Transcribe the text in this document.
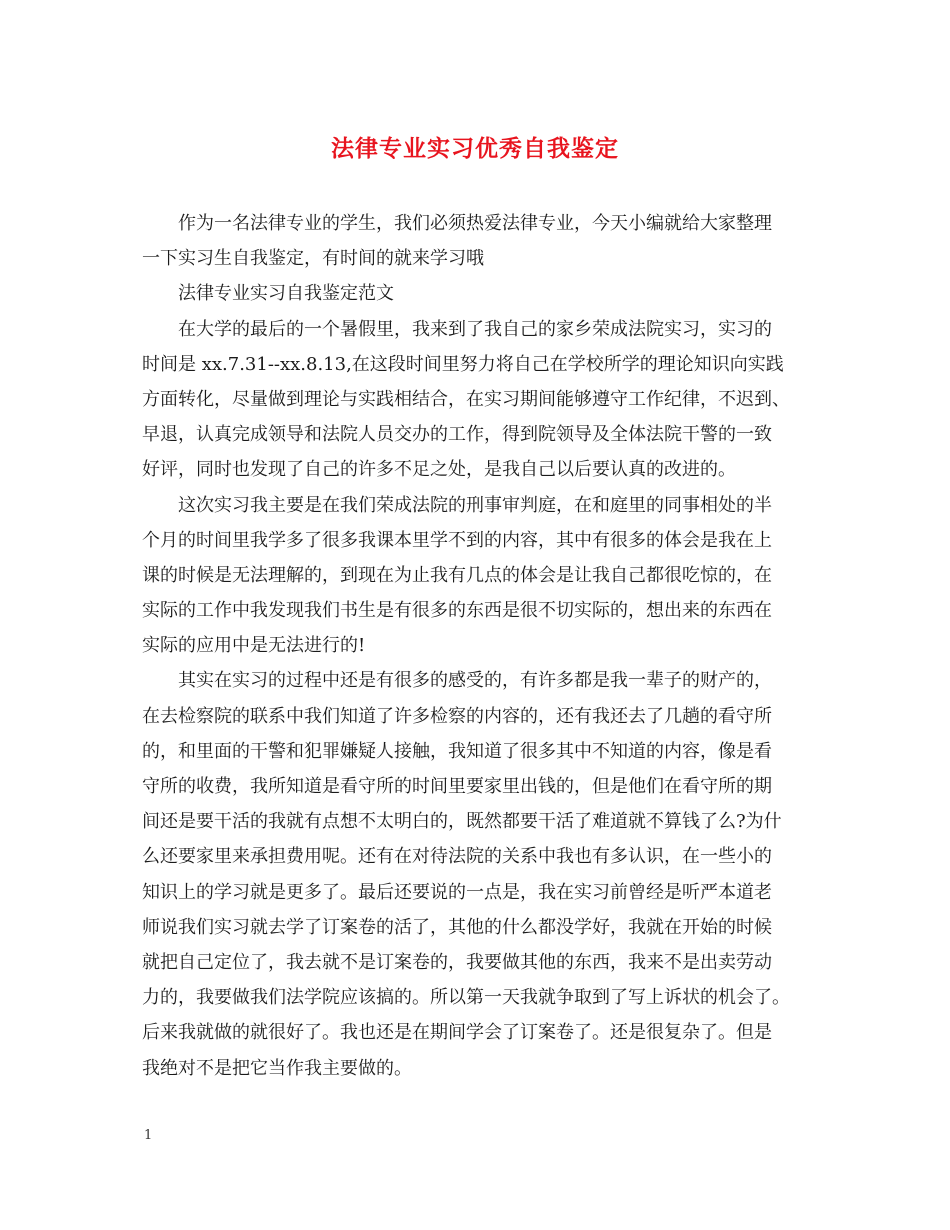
法律专业实习优秀自我鉴定

作为一名法律专业的学生，我们必须热爱法律专业，今天小编就给大家整理

一下实习生自我鉴定，有时间的就来学习哦

法律专业实习自我鉴定范文

在大学的最后的一个暑假里，我来到了我自己的家乡荣成法院实习，实习的

时间是 xx.7.31--xx.8.13,在这段时间里努力将自己在学校所学的理论知识向实践

方面转化，尽量做到理论与实践相结合，在实习期间能够遵守工作纪律，不迟到、

早退，认真完成领导和法院人员交办的工作，得到院领导及全体法院干警的一致

好评，同时也发现了自己的许多不足之处，是我自己以后要认真的改进的。

这次实习我主要是在我们荣成法院的刑事审判庭，在和庭里的同事相处的半

个月的时间里我学多了很多我课本里学不到的内容，其中有很多的体会是我在上

课的时候是无法理解的，到现在为止我有几点的体会是让我自己都很吃惊的，在

实际的工作中我发现我们书生是有很多的东西是很不切实际的，想出来的东西在

实际的应用中是无法进行的!

其实在实习的过程中还是有很多的感受的，有许多都是我一辈子的财产的，

在去检察院的联系中我们知道了许多检察的内容的，还有我还去了几趟的看守所

的，和里面的干警和犯罪嫌疑人接触，我知道了很多其中不知道的内容，像是看

守所的收费，我所知道是看守所的时间里要家里出钱的，但是他们在看守所的期

间还是要干活的我就有点想不太明白的，既然都要干活了难道就不算钱了么?为什

么还要家里来承担费用呢。还有在对待法院的关系中我也有多认识，在一些小的

知识上的学习就是更多了。最后还要说的一点是，我在实习前曾经是听严本道老

师说我们实习就去学了订案卷的活了，其他的什么都没学好，我就在开始的时候

就把自己定位了，我去就不是订案卷的，我要做其他的东西，我来不是出卖劳动

力的，我要做我们法学院应该搞的。所以第一天我就争取到了写上诉状的机会了。

后来我就做的就很好了。我也还是在期间学会了订案卷了。还是很复杂了。但是

我绝对不是把它当作我主要做的。

1
